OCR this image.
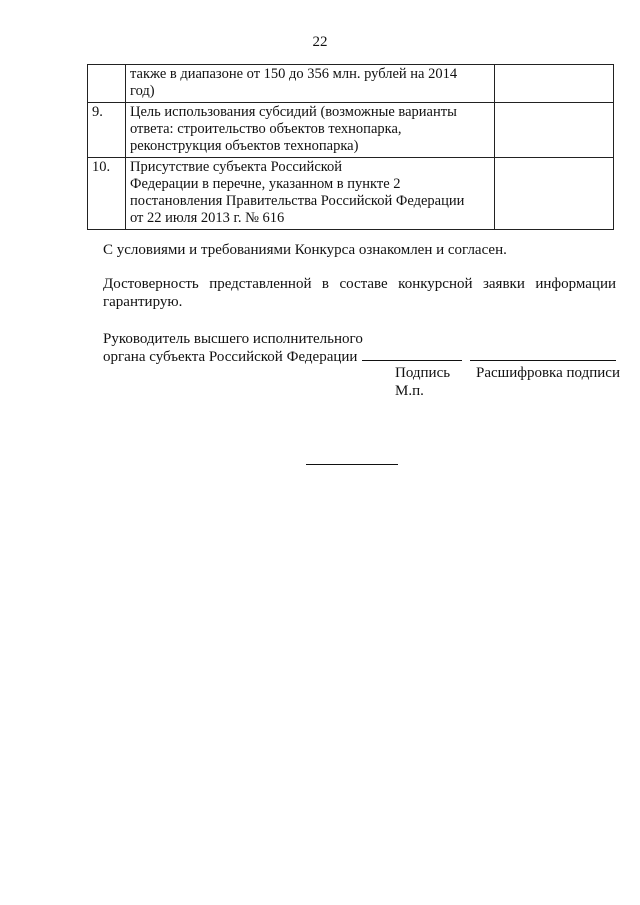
22

	также в диапазоне от 150 до 356 млн. рублей на 2014
год)	

9.	Цель использования субсидий (возможные варианты
ответа: строительство объектов технопарка,
реконструкция объектов технопарка)	

10.	Присутствие субъекта Российской
Федерации в перечне, указанном в пункте 2
постановления Правительства Российской Федерации
от 22 июля 2013 г. № 616	

С условиями и требованиями Конкурса ознакомлен и согласен.
Достоверность представленной в составе конкурсной заявки информации гарантирую.
Руководитель высшего исполнительного
органа субъекта Российской Федерации
Подпись Расшифровка подписи
М.п.
